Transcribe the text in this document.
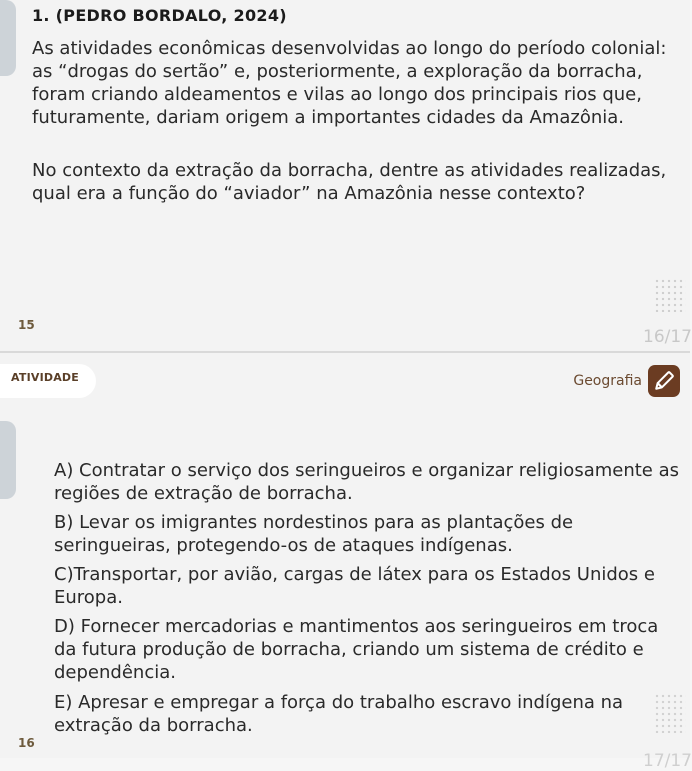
1. (PEDRO BORDALO, 2024)

As atividades econômicas desenvolvidas ao longo do período colonial: as “drogas do sertão” e, posteriormente, a exploração da borracha, foram criando aldeamentos e vilas ao longo dos principais rios que, futuramente, dariam origem a importantes cidades da Amazônia.

No contexto da extração da borracha, dentre as atividades realizadas, qual era a função do “aviador” na Amazônia nesse contexto?

15
16/17
ATIVIDADE	Geografia

A) Contratar o serviço dos seringueiros e organizar religiosamente as regiões de extração de borracha.

B) Levar os imigrantes nordestinos para as plantações de seringueiras, protegendo-os de ataques indígenas.

C)Transportar, por avião, cargas de látex para os Estados Unidos e Europa.

D) Fornecer mercadorias e mantimentos aos seringueiros em troca da futura produção de borracha, criando um sistema de crédito e dependência.

E) Apresar e empregar a força do trabalho escravo indígena na extração da borracha.

16
17/17
